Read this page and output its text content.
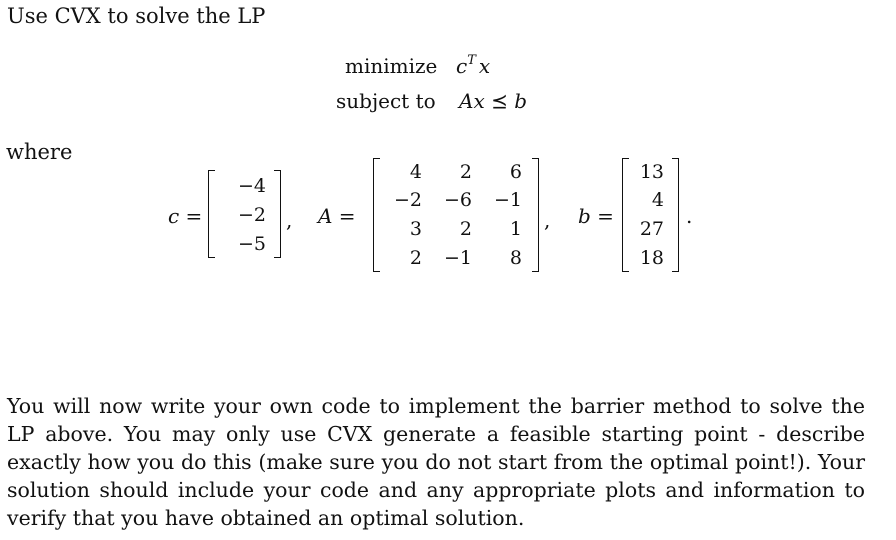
Use CVX to solve the LP
minimize $c^T$ x
subject to Ax ⪯ b
where
c =
−4
−2
−5
, A =
4	2	6
−2	−6	−1
3	2	1
2	−1	8
, b =
13
4
27
18
.
You will now write your own code to implement the barrier method to solve the LP above. You may only use CVX generate a feasible starting point - describe exactly how you do this (make sure you do not start from the optimal point!). Your solution should include your code and any appropriate plots and information to verify that you have obtained an optimal solution.
